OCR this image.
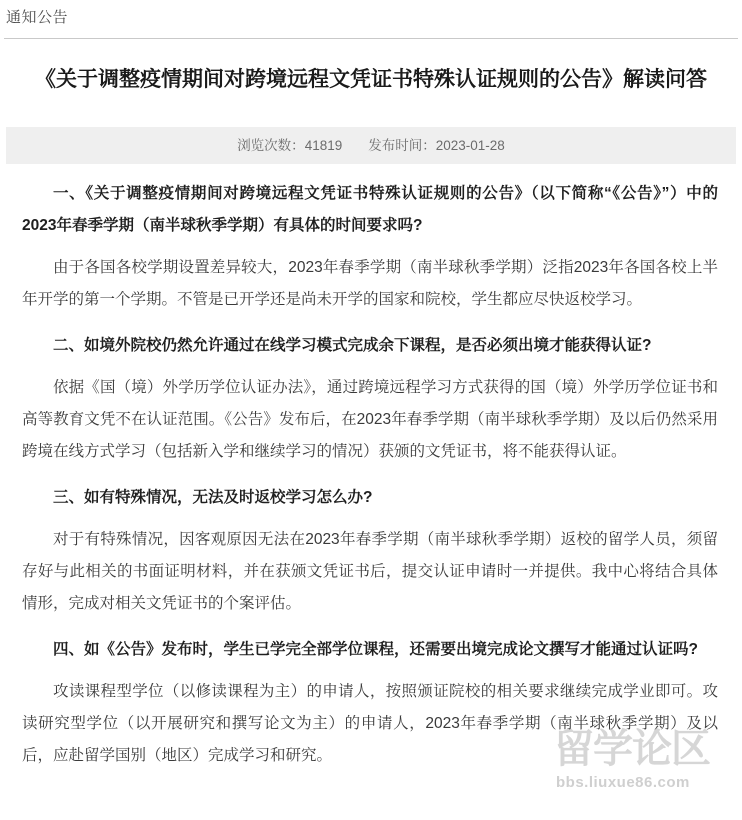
通知公告
《关于调整疫情期间对跨境远程文凭证书特殊认证规则的公告》解读问答
浏览次数：41819 发布时间：2023-01-28

一、《关于调整疫情期间对跨境远程文凭证书特殊认证规则的公告》（以下简称“《公告》”）中的2023年春季学期（南半球秋季学期）有具体的时间要求吗?

由于各国各校学期设置差异较大，2023年春季学期（南半球秋季学期）泛指2023年各国各校上半年开学的第一个学期。不管是已开学还是尚未开学的国家和院校，学生都应尽快返校学习。

二、如境外院校仍然允许通过在线学习模式完成余下课程，是否必须出境才能获得认证?

依据《国（境）外学历学位认证办法》，通过跨境远程学习方式获得的国（境）外学历学位证书和高等教育文凭不在认证范围。《公告》发布后，在2023年春季学期（南半球秋季学期）及以后仍然采用跨境在线方式学习（包括新入学和继续学习的情况）获颁的文凭证书，将不能获得认证。

三、如有特殊情况，无法及时返校学习怎么办?

对于有特殊情况，因客观原因无法在2023年春季学期（南半球秋季学期）返校的留学人员，须留存好与此相关的书面证明材料，并在获颁文凭证书后，提交认证申请时一并提供。我中心将结合具体情形，完成对相关文凭证书的个案评估。

四、如《公告》发布时，学生已学完全部学位课程，还需要出境完成论文撰写才能通过认证吗?

攻读课程型学位（以修读课程为主）的申请人，按照颁证院校的相关要求继续完成学业即可。攻读研究型学位（以开展研究和撰写论文为主）的申请人，2023年春季学期（南半球秋季学期）及以后，应赴留学国别（地区）完成学习和研究。	留学论区
bbs.liuxue86.com
